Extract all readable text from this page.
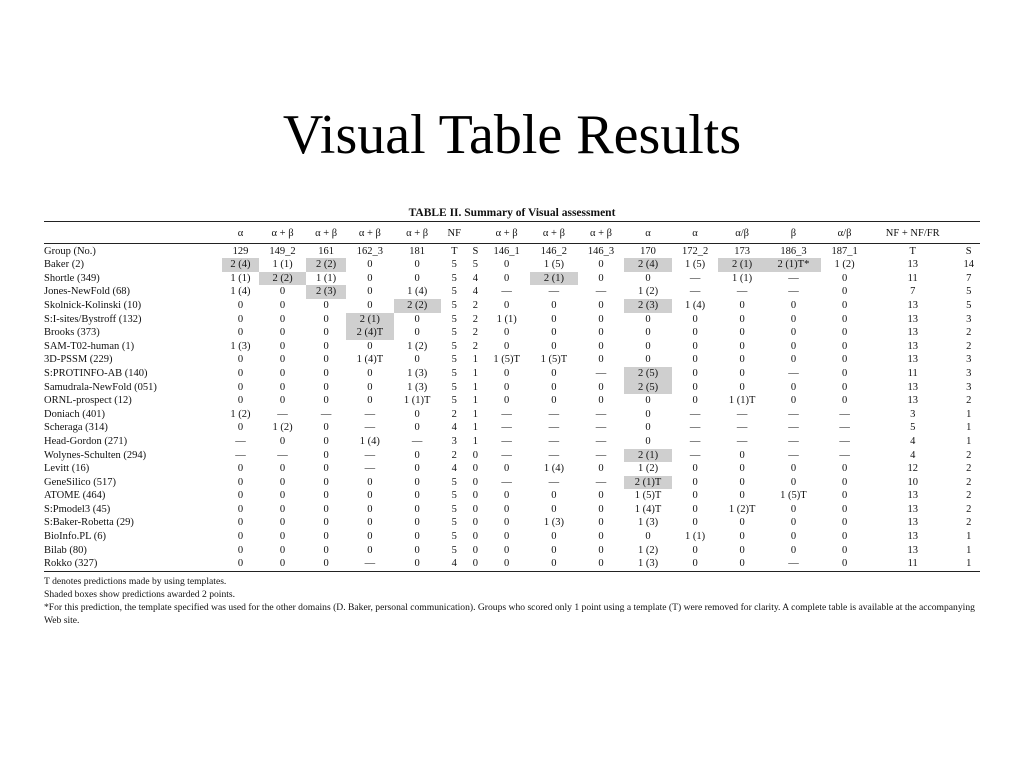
Visual Table Results
TABLE II. Summary of Visual assessment
	α	α + β	α + β	α + β	α + β	NF		α + β	α + β	α + β	α	α	α/β	β	α/β	NF + NF/FR	
Group (No.)	129	149_2	161	162_3	181	T	S	146_1	146_2	146_3	170	172_2	173	186_3	187_1	T	S
Baker (2)	2 (4)	1 (1)	2 (2)	0	0	5	5	0	1 (5)	0	2 (4)	1 (5)	2 (1)	2 (1)T*	1 (2)	13	14
Shortle (349)	1 (1)	2 (2)	1 (1)	0	0	5	4	0	2 (1)	0	0	—	1 (1)	—	0	11	7
Jones-NewFold (68)	1 (4)	0	2 (3)	0	1 (4)	5	4	—	—	—	1 (2)	—	—	—	0	7	5
Skolnick-Kolinski (10)	0	0	0	0	2 (2)	5	2	0	0	0	2 (3)	1 (4)	0	0	0	13	5
S:I-sites/Bystroff (132)	0	0	0	2 (1)	0	5	2	1 (1)	0	0	0	0	0	0	0	13	3
Brooks (373)	0	0	0	2 (4)T	0	5	2	0	0	0	0	0	0	0	0	13	2
SAM-T02-human (1)	1 (3)	0	0	0	1 (2)	5	2	0	0	0	0	0	0	0	0	13	2
3D-PSSM (229)	0	0	0	1 (4)T	0	5	1	1 (5)T	1 (5)T	0	0	0	0	0	0	13	3
S:PROTINFO-AB (140)	0	0	0	0	1 (3)	5	1	0	0	—	2 (5)	0	0	—	0	11	3
Samudrala-NewFold (051)	0	0	0	0	1 (3)	5	1	0	0	0	2 (5)	0	0	0	0	13	3
ORNL-prospect (12)	0	0	0	0	1 (1)T	5	1	0	0	0	0	0	1 (1)T	0	0	13	2
Doniach (401)	1 (2)	—	—	—	0	2	1	—	—	—	0	—	—	—	—	3	1
Scheraga (314)	0	1 (2)	0	—	0	4	1	—	—	—	0	—	—	—	—	5	1
Head-Gordon (271)	—	0	0	1 (4)	—	3	1	—	—	—	0	—	—	—	—	4	1
Wolynes-Schulten (294)	—	—	0	—	0	2	0	—	—	—	2 (1)	—	0	—	—	4	2
Levitt (16)	0	0	0	—	0	4	0	0	1 (4)	0	1 (2)	0	0	0	0	12	2
GeneSilico (517)	0	0	0	0	0	5	0	—	—	—	2 (1)T	0	0	0	0	10	2
ATOME (464)	0	0	0	0	0	5	0	0	0	0	1 (5)T	0	0	1 (5)T	0	13	2
S:Pmodel3 (45)	0	0	0	0	0	5	0	0	0	0	1 (4)T	0	1 (2)T	0	0	13	2
S:Baker-Robetta (29)	0	0	0	0	0	5	0	0	1 (3)	0	1 (3)	0	0	0	0	13	2
BioInfo.PL (6)	0	0	0	0	0	5	0	0	0	0	0	1 (1)	0	0	0	13	1
Bilab (80)	0	0	0	0	0	5	0	0	0	0	1 (2)	0	0	0	0	13	1
Rokko (327)	0	0	0	—	0	4	0	0	0	0	1 (3)	0	0	—	0	11	1

T denotes predictions made by using templates.

Shaded boxes show predictions awarded 2 points.

*For this prediction, the template specified was used for the other domains (D. Baker, personal communication). Groups who scored only 1 point using a template (T) were removed for clarity. A complete table is available at the accompanying Web site.
